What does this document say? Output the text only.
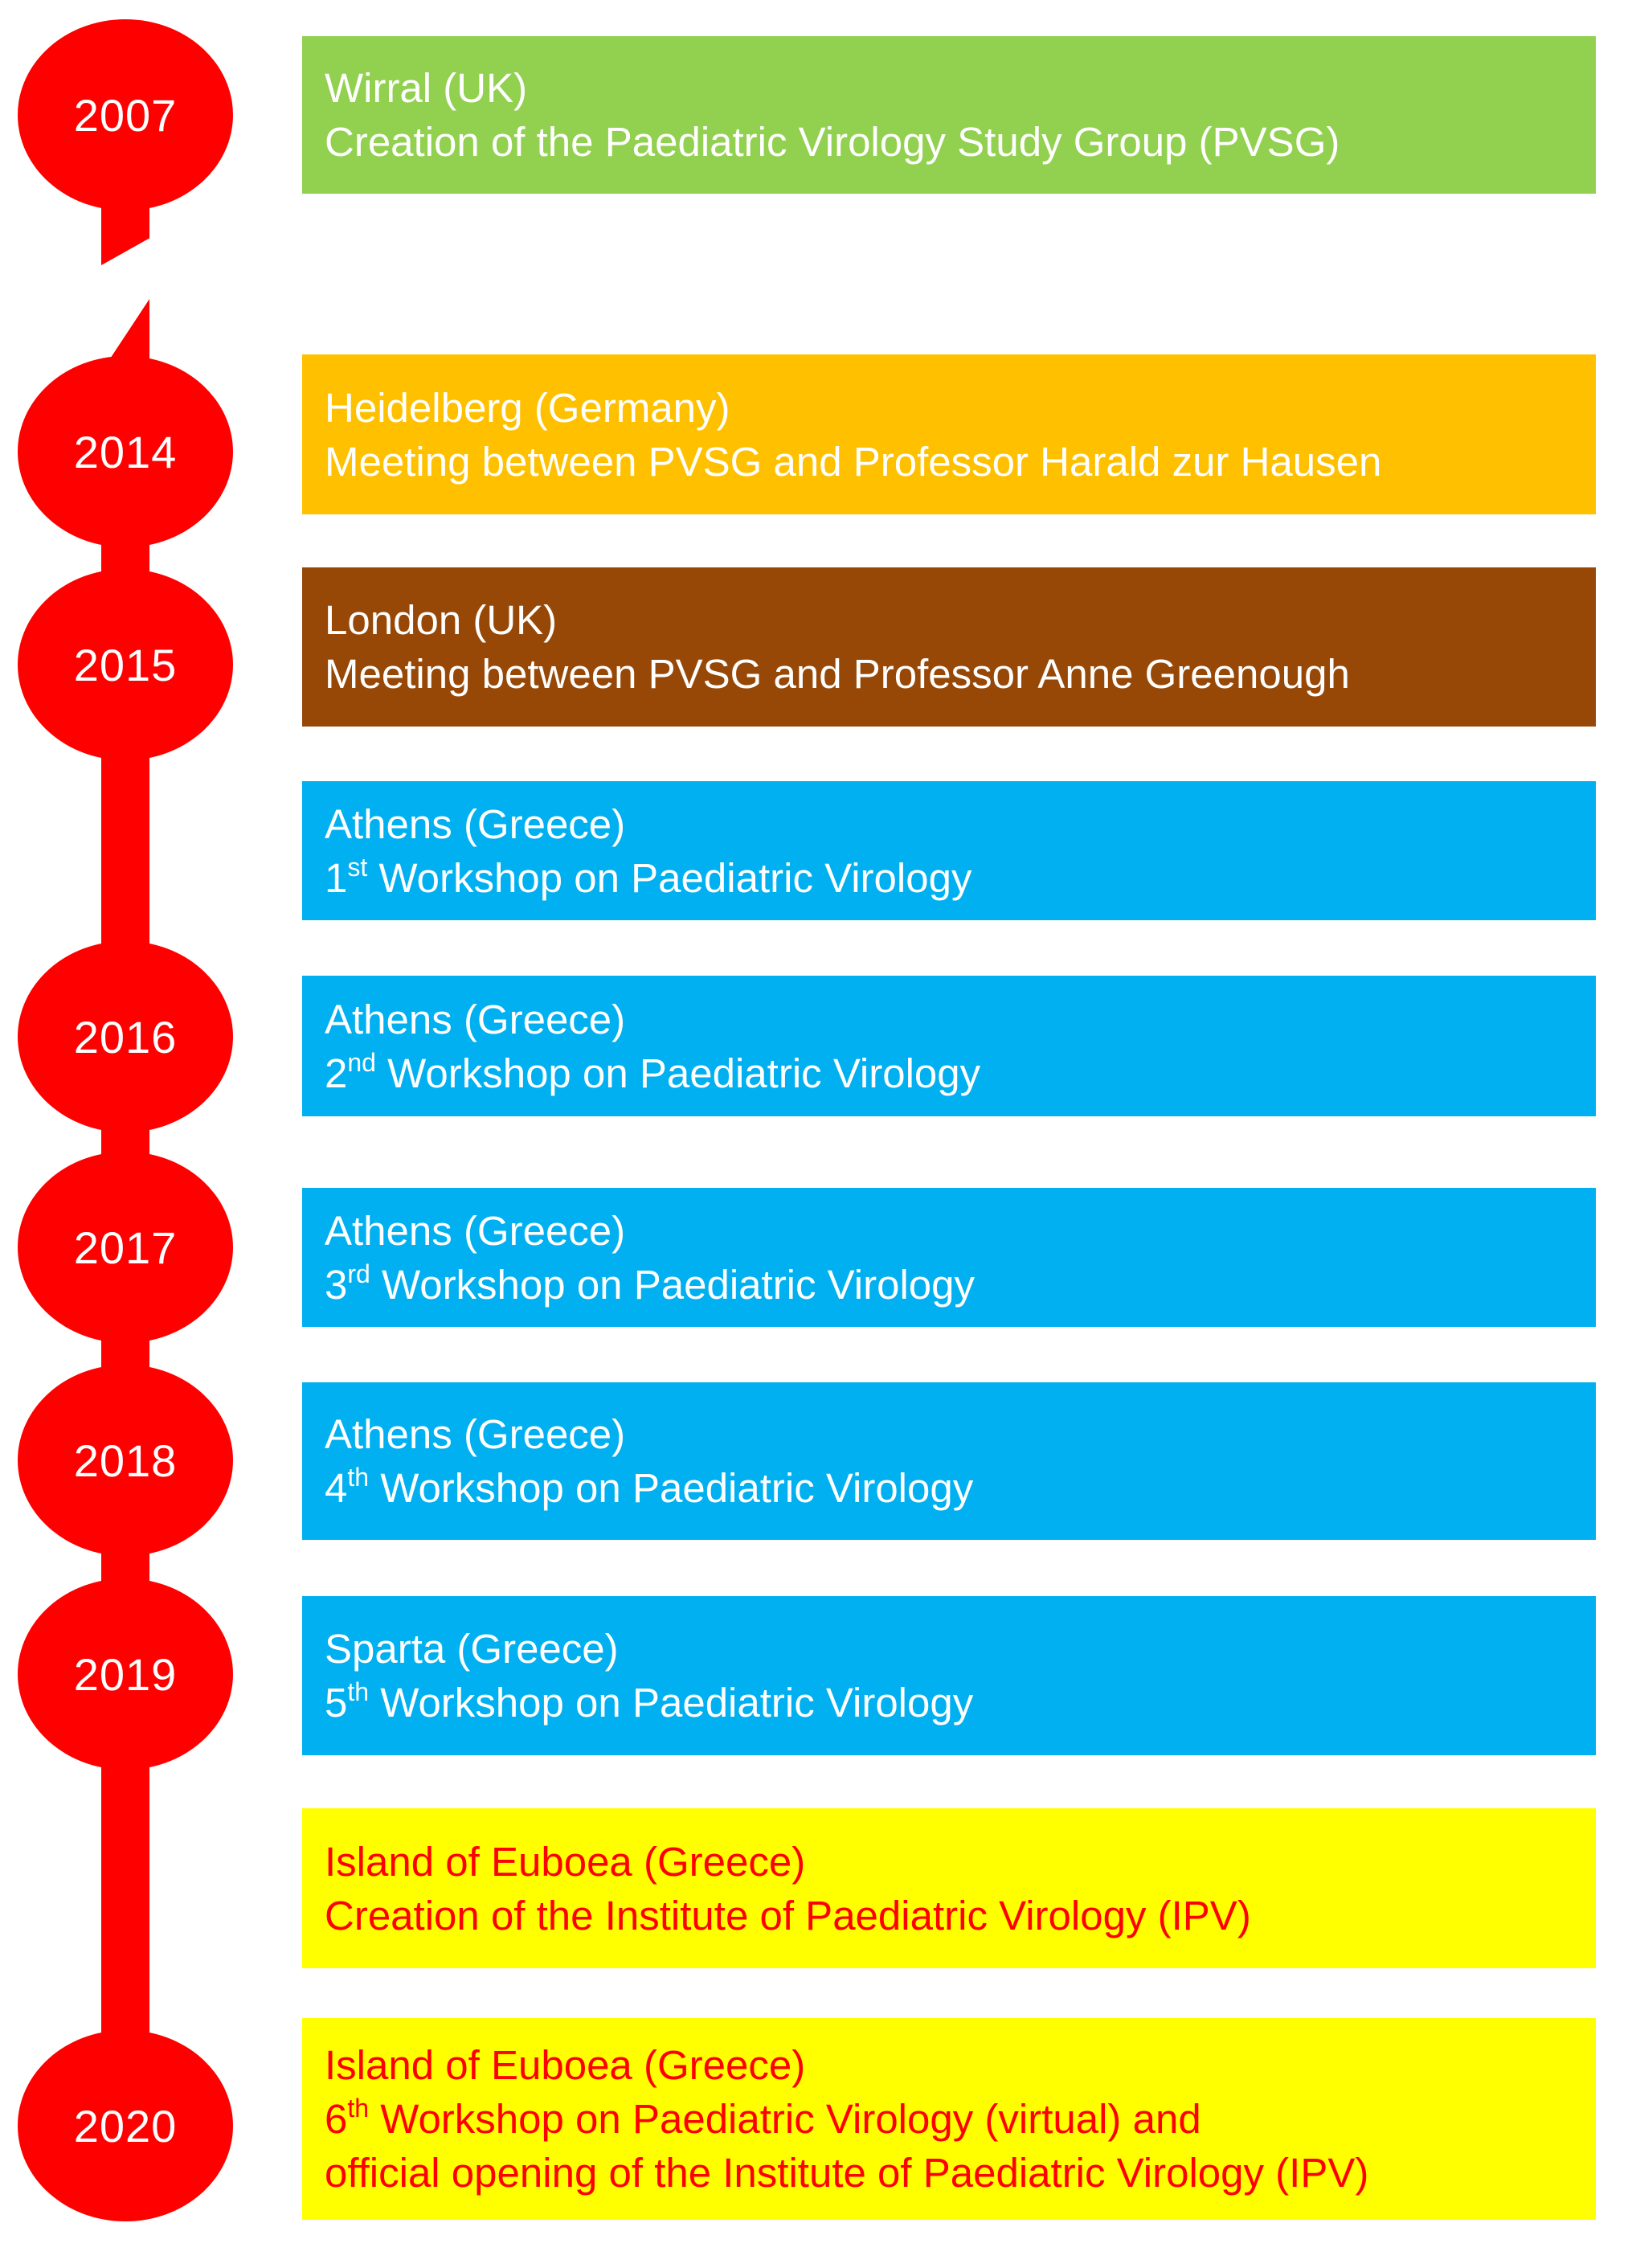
2007
2014
2015
2016
2017
2018
2019
2020
Wirral (UK)
Creation of the Paediatric Virology Study Group (PVSG)
Heidelberg (Germany)
Meeting between PVSG and Professor Harald zur Hausen
London (UK)
Meeting between PVSG and Professor Anne Greenough
Athens (Greece)
1st Workshop on Paediatric Virology
Athens (Greece)
2nd Workshop on Paediatric Virology
Athens (Greece)
3rd Workshop on Paediatric Virology
Athens (Greece)
4th Workshop on Paediatric Virology
Sparta (Greece)
5th Workshop on Paediatric Virology
Island of Euboea (Greece)
Creation of the Institute of Paediatric Virology (IPV)
Island of Euboea (Greece)
6th Workshop on Paediatric Virology (virtual) and
official opening of the Institute of Paediatric Virology (IPV)
